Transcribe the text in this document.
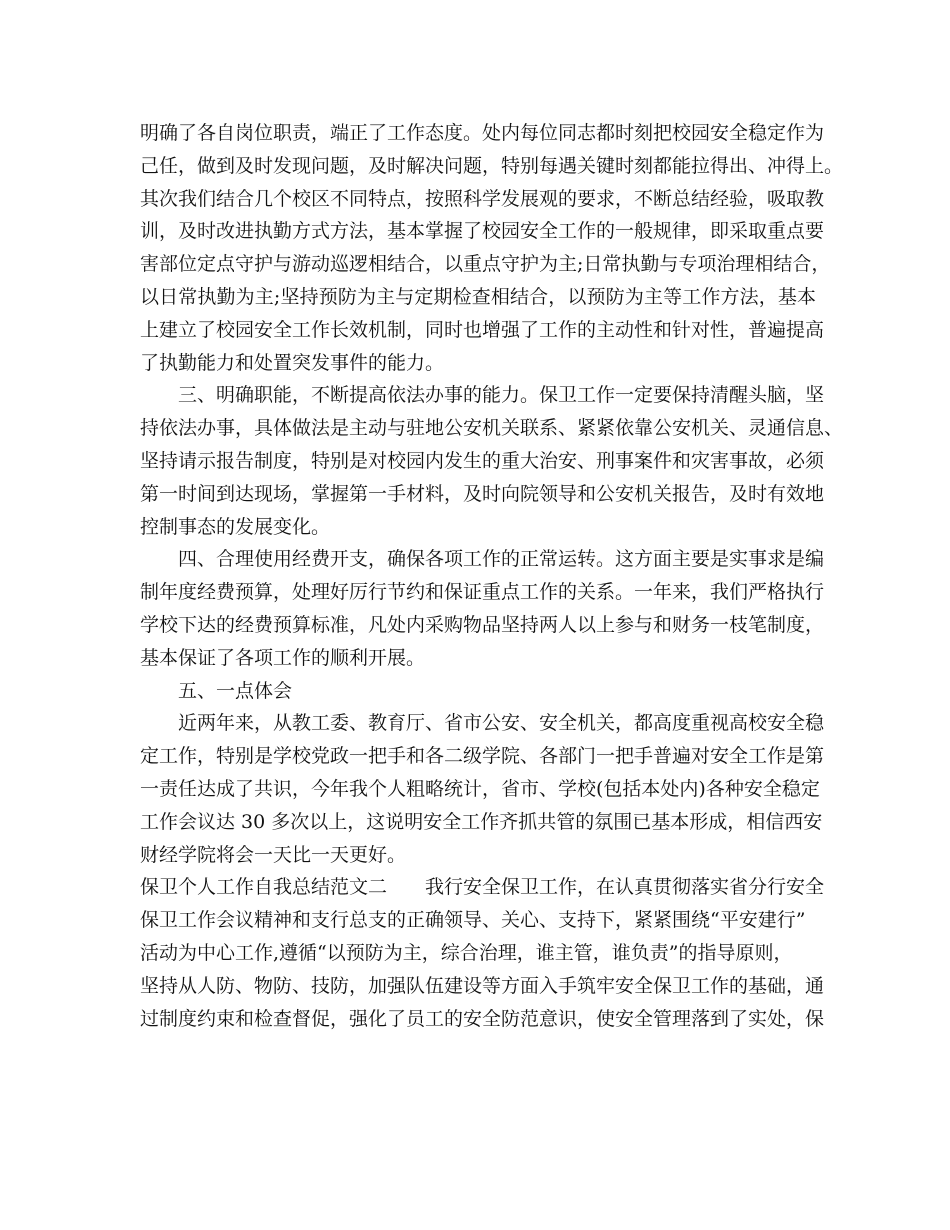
明确了各自岗位职责，端正了工作态度。处内每位同志都时刻把校园安全稳定作为
己任，做到及时发现问题，及时解决问题，特别每遇关键时刻都能拉得出、冲得上。
其次我们结合几个校区不同特点，按照科学发展观的要求，不断总结经验，吸取教
训，及时改进执勤方式方法，基本掌握了校园安全工作的一般规律，即采取重点要
害部位定点守护与游动巡逻相结合，以重点守护为主;日常执勤与专项治理相结合，
以日常执勤为主;坚持预防为主与定期检查相结合，以预防为主等工作方法，基本
上建立了校园安全工作长效机制，同时也增强了工作的主动性和针对性，普遍提高
了执勤能力和处置突发事件的能力。
三、明确职能，不断提高依法办事的能力。保卫工作一定要保持清醒头脑，坚
持依法办事，具体做法是主动与驻地公安机关联系、紧紧依靠公安机关、灵通信息、
坚持请示报告制度，特别是对校园内发生的重大治安、刑事案件和灾害事故，必须
第一时间到达现场，掌握第一手材料，及时向院领导和公安机关报告，及时有效地
控制事态的发展变化。
四、合理使用经费开支，确保各项工作的正常运转。这方面主要是实事求是编
制年度经费预算，处理好厉行节约和保证重点工作的关系。一年来，我们严格执行
学校下达的经费预算标准，凡处内采购物品坚持两人以上参与和财务一枝笔制度，
基本保证了各项工作的顺利开展。
五、一点体会
近两年来，从教工委、教育厅、省市公安、安全机关，都高度重视高校安全稳
定工作，特别是学校党政一把手和各二级学院、各部门一把手普遍对安全工作是第
一责任达成了共识，今年我个人粗略统计，省市、学校(包括本处内)各种安全稳定
工作会议达 30 多次以上，这说明安全工作齐抓共管的氛围已基本形成，相信西安
财经学院将会一天比一天更好。
保卫个人工作自我总结范文二　　我行安全保卫工作，在认真贯彻落实省分行安全
保卫工作会议精神和支行总支的正确领导、关心、支持下，紧紧围绕“平安建行”
活动为中心工作,遵循“以预防为主，综合治理，谁主管，谁负责”的指导原则，
坚持从人防、物防、技防，加强队伍建设等方面入手筑牢安全保卫工作的基础，通
过制度约束和检查督促，强化了员工的安全防范意识，使安全管理落到了实处，保
